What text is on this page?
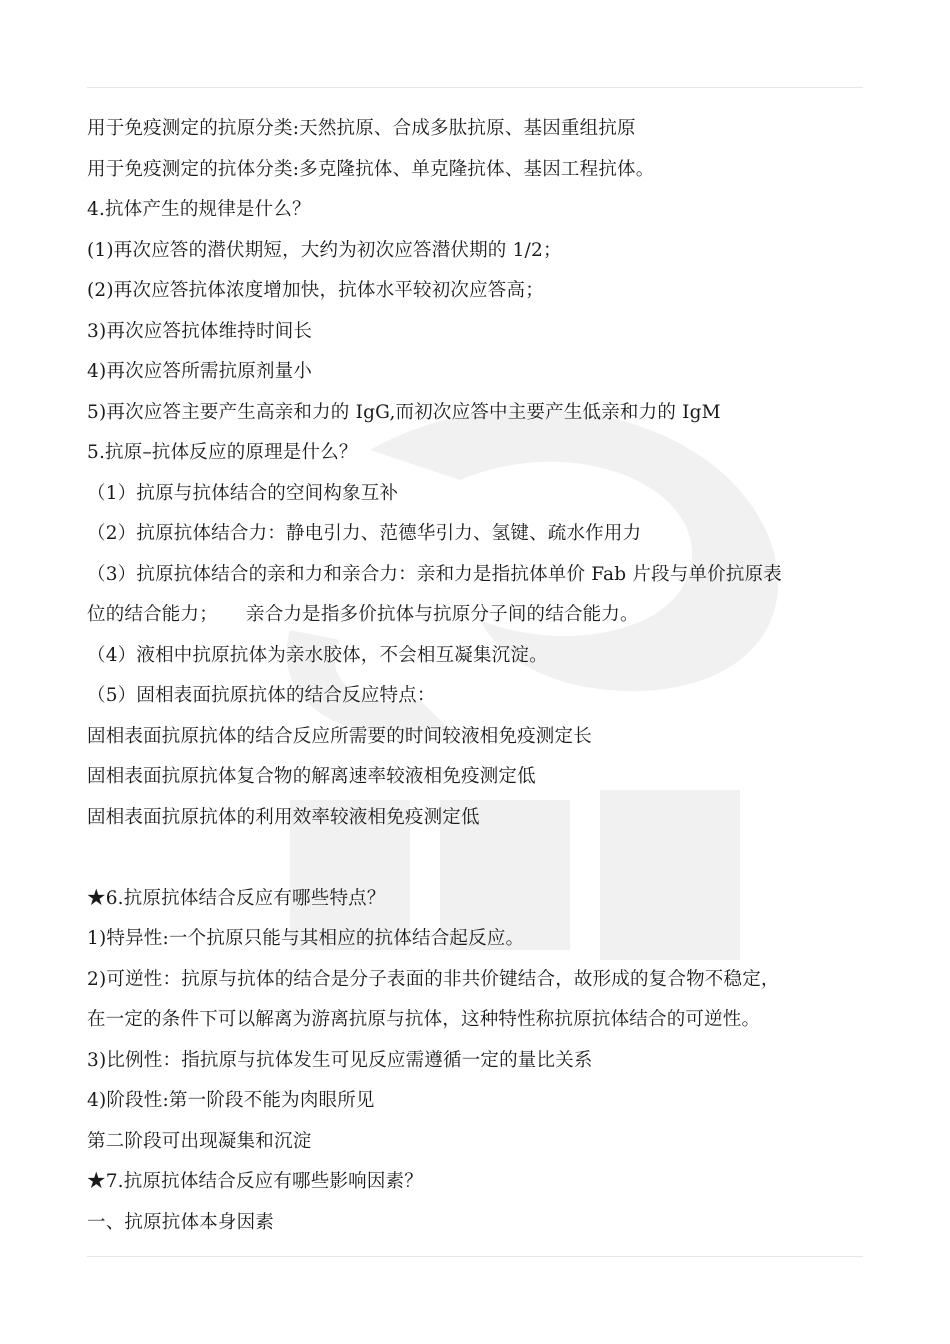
用于免疫测定的抗原分类:天然抗原、合成多肽抗原、基因重组抗原
用于免疫测定的抗体分类:多克隆抗体、单克隆抗体、基因工程抗体。
4.抗体产生的规律是什么？
(1)再次应答的潜伏期短，大约为初次应答潜伏期的 1/2；
(2)再次应答抗体浓度增加快，抗体水平较初次应答高；
3)再次应答抗体维持时间长
4)再次应答所需抗原剂量小
5)再次应答主要产生高亲和力的 IgG,而初次应答中主要产生低亲和力的 IgM
5.抗原–抗体反应的原理是什么？
（1）抗原与抗体结合的空间构象互补
（2）抗原抗体结合力：静电引力、范德华引力、氢键、疏水作用力
（3）抗原抗体结合的亲和力和亲合力：亲和力是指抗体单价 Fab 片段与单价抗原表
位的结合能力；　　亲合力是指多价抗体与抗原分子间的结合能力。
（4）液相中抗原抗体为亲水胶体，不会相互凝集沉淀。
（5）固相表面抗原抗体的结合反应特点：
固相表面抗原抗体的结合反应所需要的时间较液相免疫测定长
固相表面抗原抗体复合物的解离速率较液相免疫测定低
固相表面抗原抗体的利用效率较液相免疫测定低
★6.抗原抗体结合反应有哪些特点？
1)特异性:一个抗原只能与其相应的抗体结合起反应。
2)可逆性：抗原与抗体的结合是分子表面的非共价键结合，故形成的复合物不稳定，
在一定的条件下可以解离为游离抗原与抗体，这种特性称抗原抗体结合的可逆性。
3)比例性：指抗原与抗体发生可见反应需遵循一定的量比关系
4)阶段性:第一阶段不能为肉眼所见
第二阶段可出现凝集和沉淀
★7.抗原抗体结合反应有哪些影响因素？
一、抗原抗体本身因素
